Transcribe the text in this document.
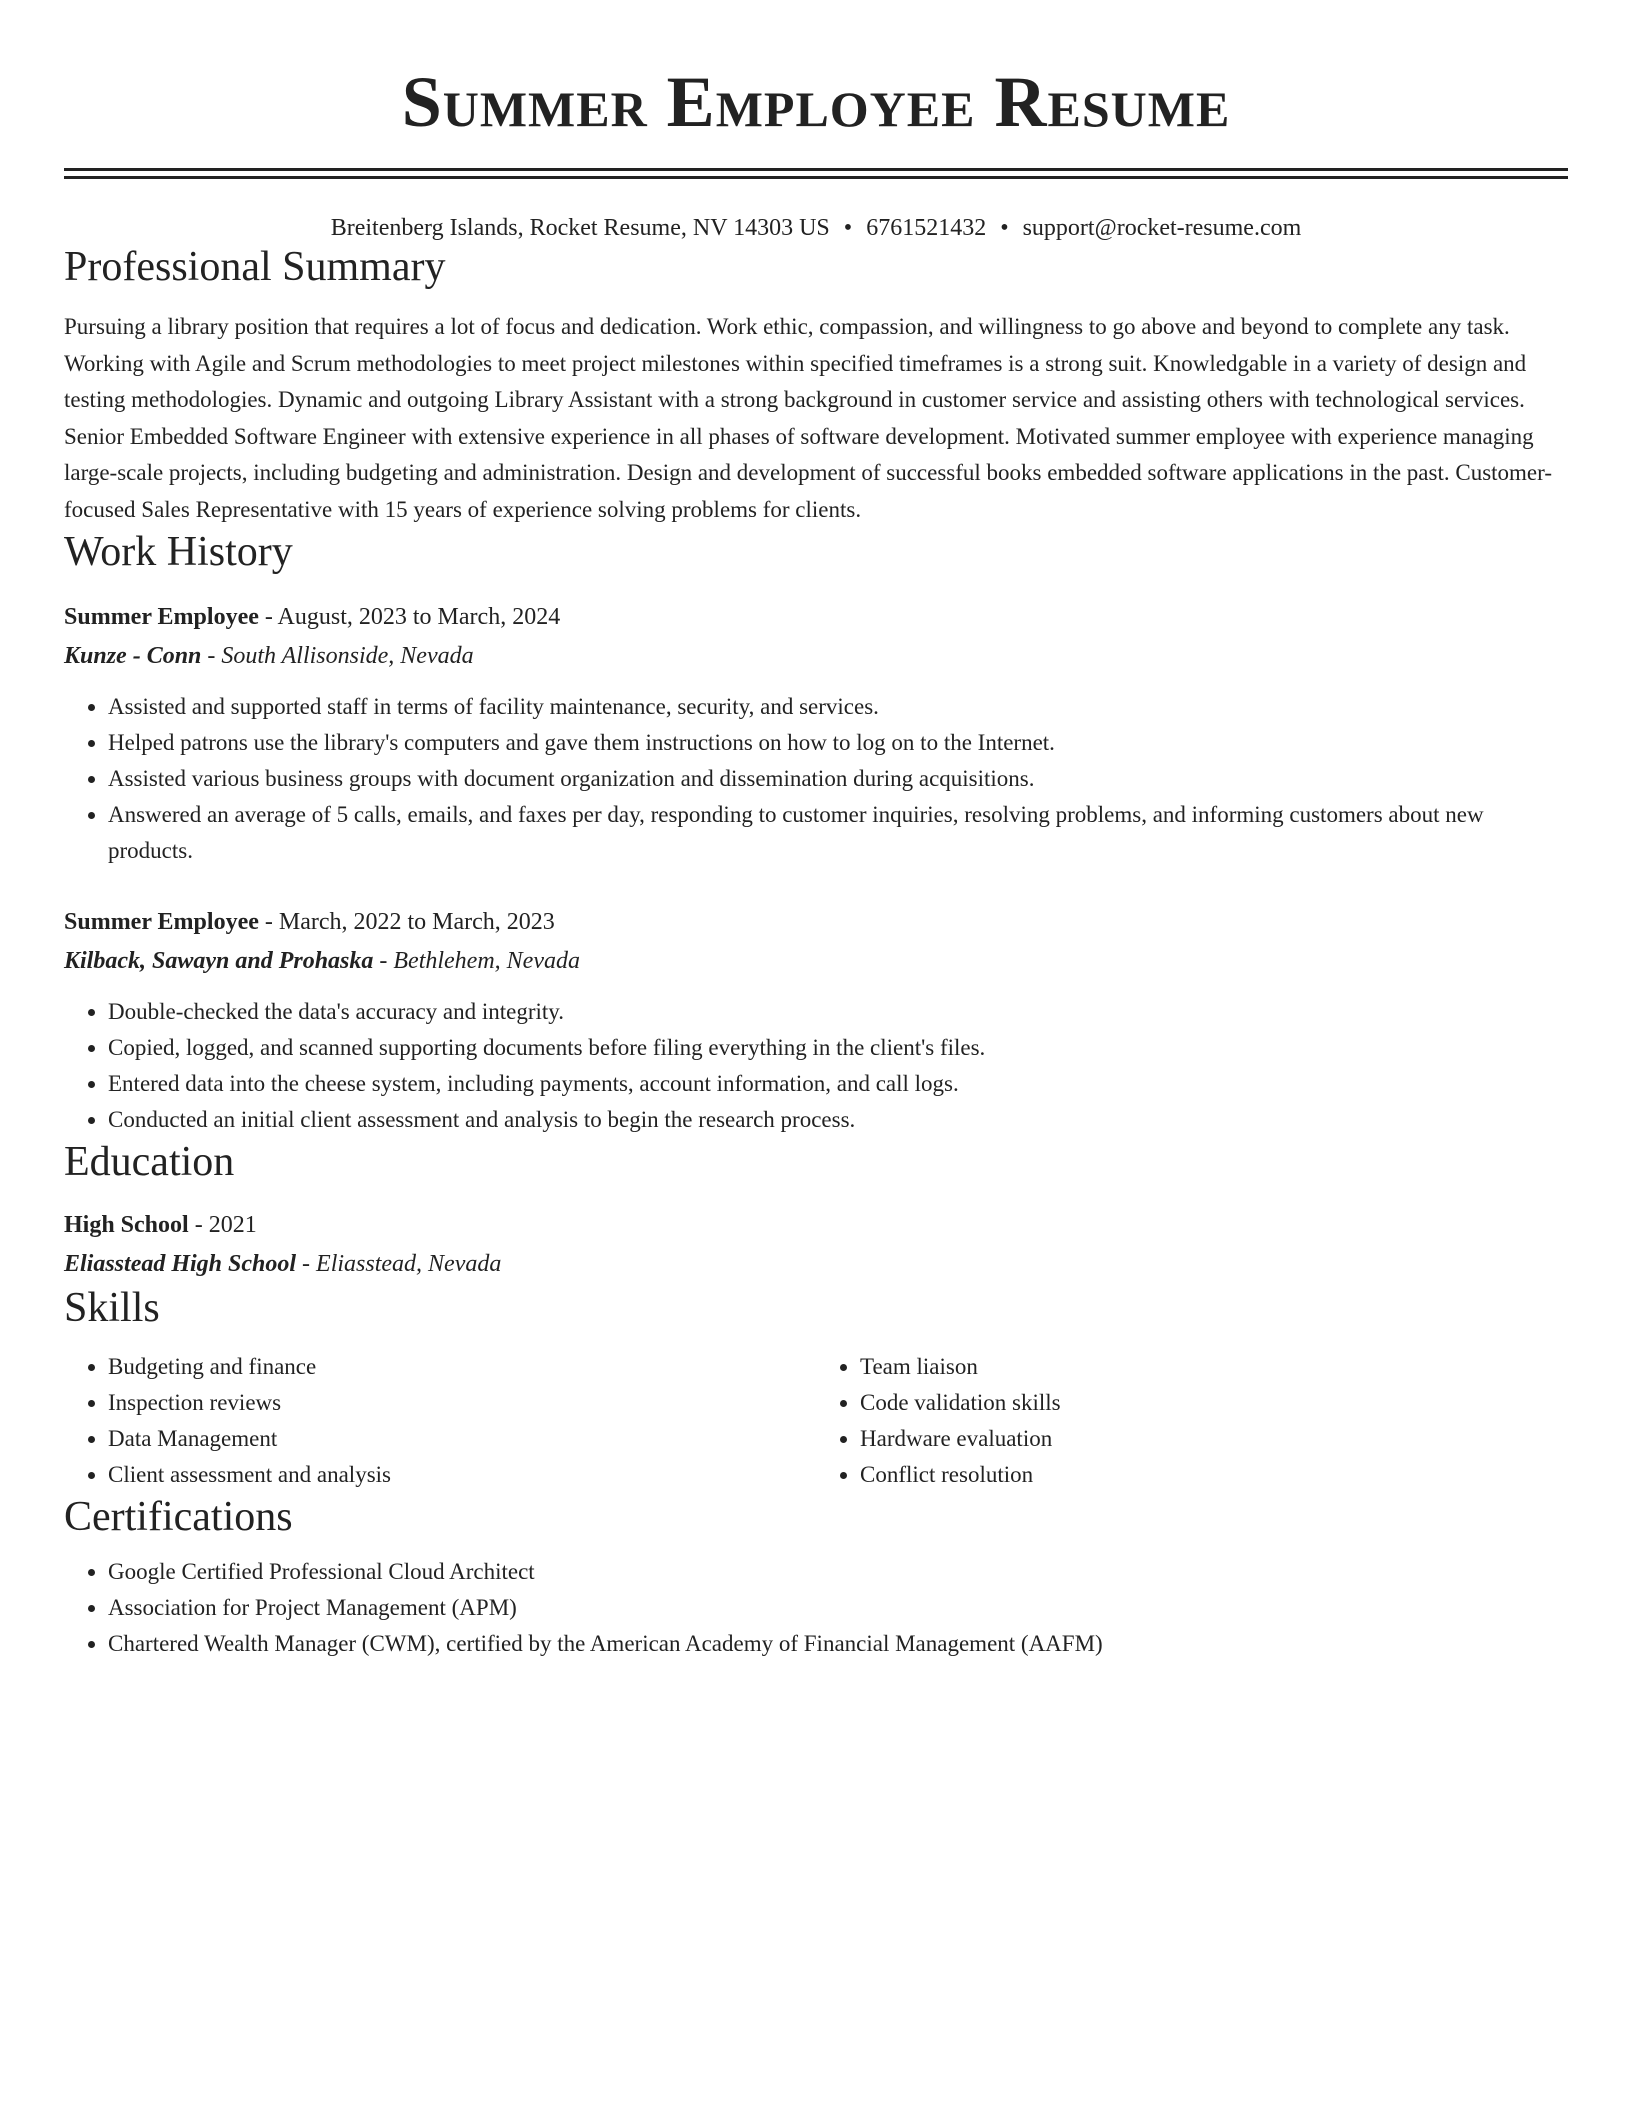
Summer Employee Resume
Breitenberg Islands, Rocket Resume, NV 14303 US • 6761521432 • support@rocket-resume.com
Professional Summary

Pursuing a library position that requires a lot of focus and dedication. Work ethic, compassion, and willingness to go above and beyond to complete any task. Working with Agile and Scrum methodologies to meet project milestones within specified timeframes is a strong suit. Knowledgable in a variety of design and testing methodologies. Dynamic and outgoing Library Assistant with a strong background in customer service and assisting others with technological services. Senior Embedded Software Engineer with extensive experience in all phases of software development. Motivated summer employee with experience managing large-scale projects, including budgeting and administration. Design and development of successful books embedded software applications in the past. Customer-focused Sales Representative with 15 years of experience solving problems for clients.

Work History

Summer Employee - August, 2023 to March, 2024

Kunze - Conn - South Allisonside, Nevada

• Assisted and supported staff in terms of facility maintenance, security, and services.
• Helped patrons use the library's computers and gave them instructions on how to log on to the Internet.
• Assisted various business groups with document organization and dissemination during acquisitions.
• Answered an average of 5 calls, emails, and faxes per day, responding to customer inquiries, resolving problems, and informing customers about new products.

Summer Employee - March, 2022 to March, 2023

Kilback, Sawayn and Prohaska - Bethlehem, Nevada

• Double-checked the data's accuracy and integrity.
• Copied, logged, and scanned supporting documents before filing everything in the client's files.
• Entered data into the cheese system, including payments, account information, and call logs.
• Conducted an initial client assessment and analysis to begin the research process.
Education

High School - 2021

Eliasstead High School - Eliasstead, Nevada

Skills
• Budgeting and finance
• Inspection reviews
• Data Management
• Client assessment and analysis
• Team liaison
• Code validation skills
• Hardware evaluation
• Conflict resolution
Certifications
• Google Certified Professional Cloud Architect
• Association for Project Management (APM)
• Chartered Wealth Manager (CWM), certified by the American Academy of Financial Management (AAFM)
